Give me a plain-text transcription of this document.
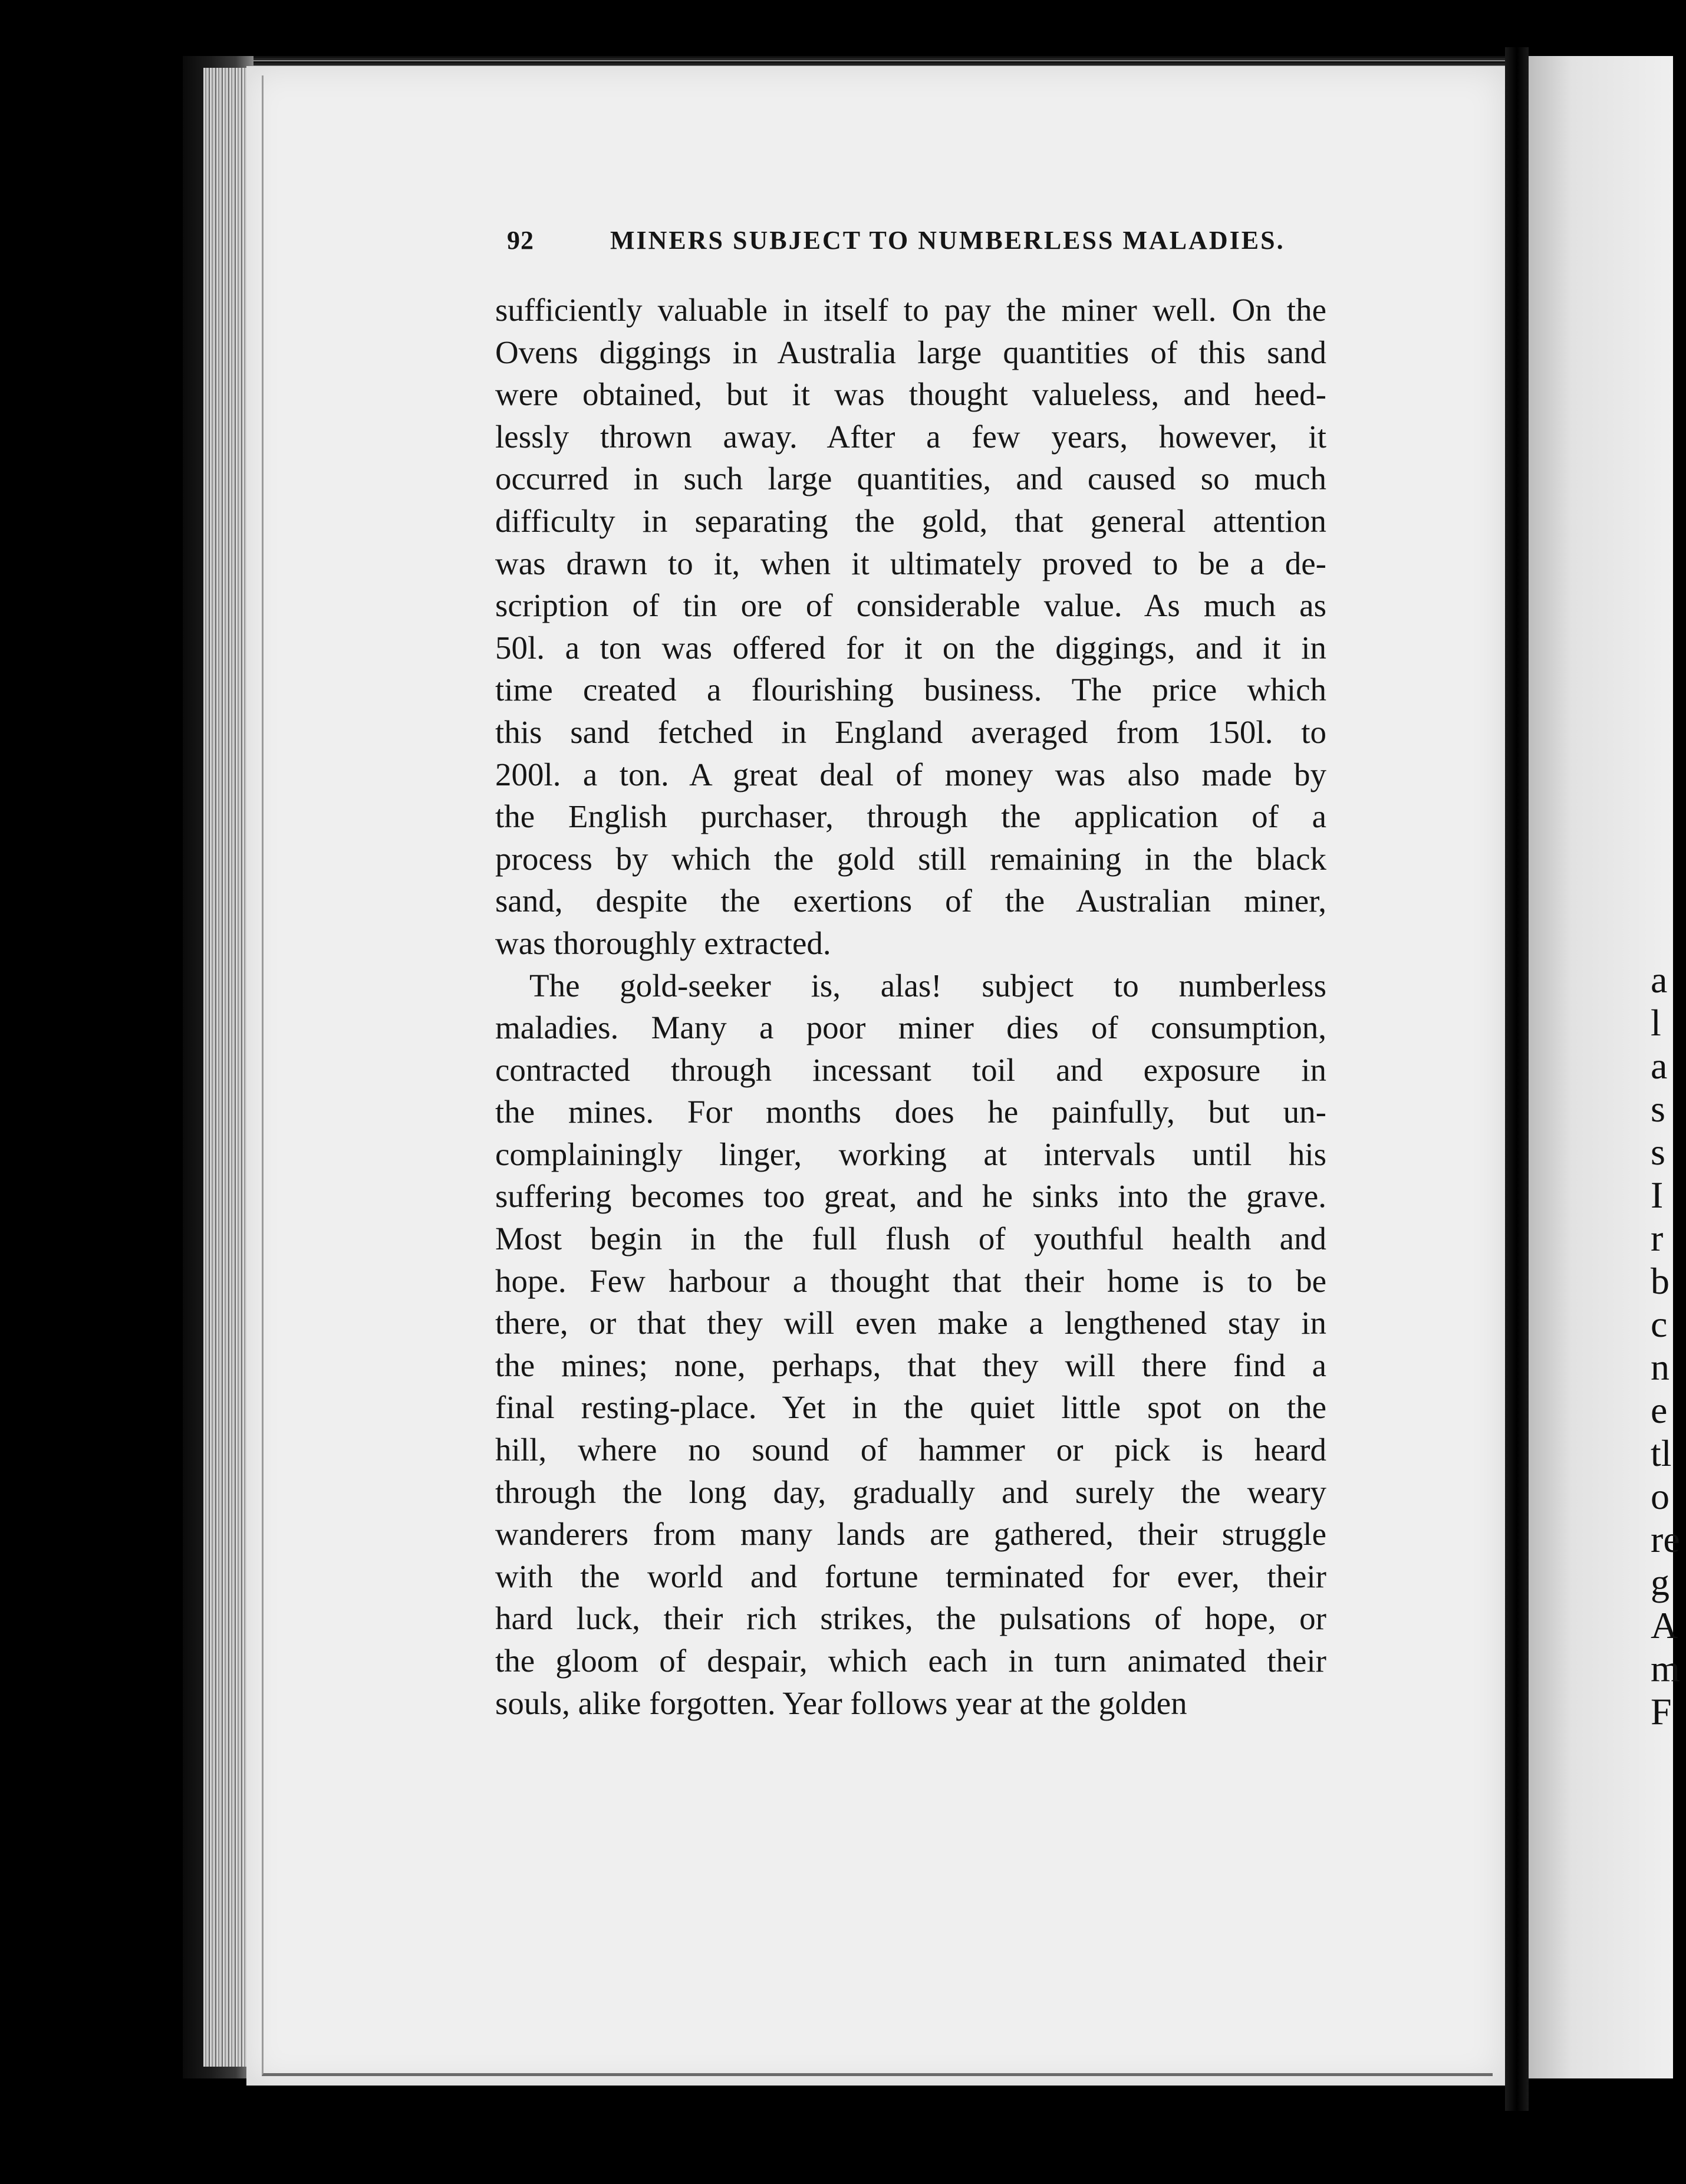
a
l
a
s
s
I
r
b
c
n
e
tl
o
re
g
A
m
F
92	MINERS SUBJECT TO NUMBERLESS MALADIES.
sufficiently valuable in itself to pay the miner well. On the
Ovens diggings in Australia large quantities of this sand
were obtained, but it was thought valueless, and heed-
lessly thrown away. After a few years, however, it
occurred in such large quantities, and caused so much
difficulty in separating the gold, that general attention
was drawn to it, when it ultimately proved to be a de-
scription of tin ore of considerable value. As much as
50l. a ton was offered for it on the diggings, and it in
time created a flourishing business. The price which
this sand fetched in England averaged from 150l. to
200l. a ton. A great deal of money was also made by
the English purchaser, through the application of a
process by which the gold still remaining in the black
sand, despite the exertions of the Australian miner,
was thoroughly extracted.
The gold-seeker is, alas! subject to numberless
maladies. Many a poor miner dies of consumption,
contracted through incessant toil and exposure in
the mines. For months does he painfully, but un-
complainingly linger, working at intervals until his
suffering becomes too great, and he sinks into the grave.
Most begin in the full flush of youthful health and
hope. Few harbour a thought that their home is to be
there, or that they will even make a lengthened stay in
the mines; none, perhaps, that they will there find a
final resting-place. Yet in the quiet little spot on the
hill, where no sound of hammer or pick is heard
through the long day, gradually and surely the weary
wanderers from many lands are gathered, their struggle
with the world and fortune terminated for ever, their
hard luck, their rich strikes, the pulsations of hope, or
the gloom of despair, which each in turn animated their
souls, alike forgotten. Year follows year at the golden
